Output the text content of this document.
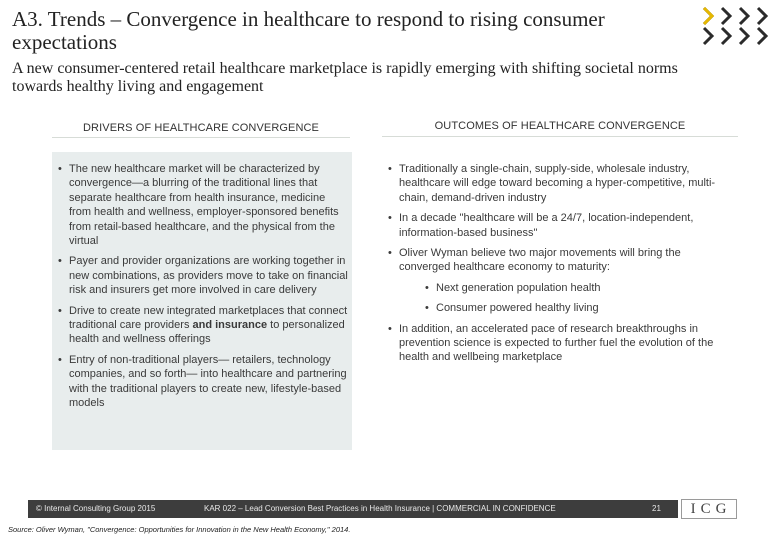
A3. Trends – Convergence in healthcare to respond to rising consumer expectations
A new consumer-centered retail healthcare marketplace is rapidly emerging with shifting societal norms towards healthy living and engagement
DRIVERS OF HEALTHCARE CONVERGENCE	OUTCOMES OF HEALTHCARE CONVERGENCE
• The new healthcare market will be characterized by convergence—a blurring of the traditional lines that separate healthcare from health insurance, medicine from health and wellness, employer-sponsored benefits from retail-based healthcare, and the physical from the virtual
• Payer and provider organizations are working together in new combinations, as providers move to take on financial risk and insurers get more involved in care delivery
• Drive to create new integrated marketplaces that connect traditional care providers and insurance to personalized health and wellness offerings
• Entry of non-traditional players— retailers, technology companies, and so forth— into healthcare and partnering with the traditional players to create new, lifestyle-based models
• Traditionally a single-chain, supply-side, wholesale industry, healthcare will edge toward becoming a hyper-competitive, multi-chain, demand-driven industry
• In a decade "healthcare will be a 24/7, location-independent, information-based business"
• Oliver Wyman believe two major movements will bring the converged healthcare economy to maturity:
• Next generation population health
• Consumer powered healthy living
• In addition, an accelerated pace of research breakthroughs in prevention science is expected to further fuel the evolution of the health and wellbeing marketplace
© Internal Consulting Group 2015	KAR 022 – Lead Conversion Best Practices in Health Insurance | COMMERCIAL IN CONFIDENCE	21	ICG
Source: Oliver Wyman, "Convergence: Opportunities for Innovation in the New Health Economy," 2014.
